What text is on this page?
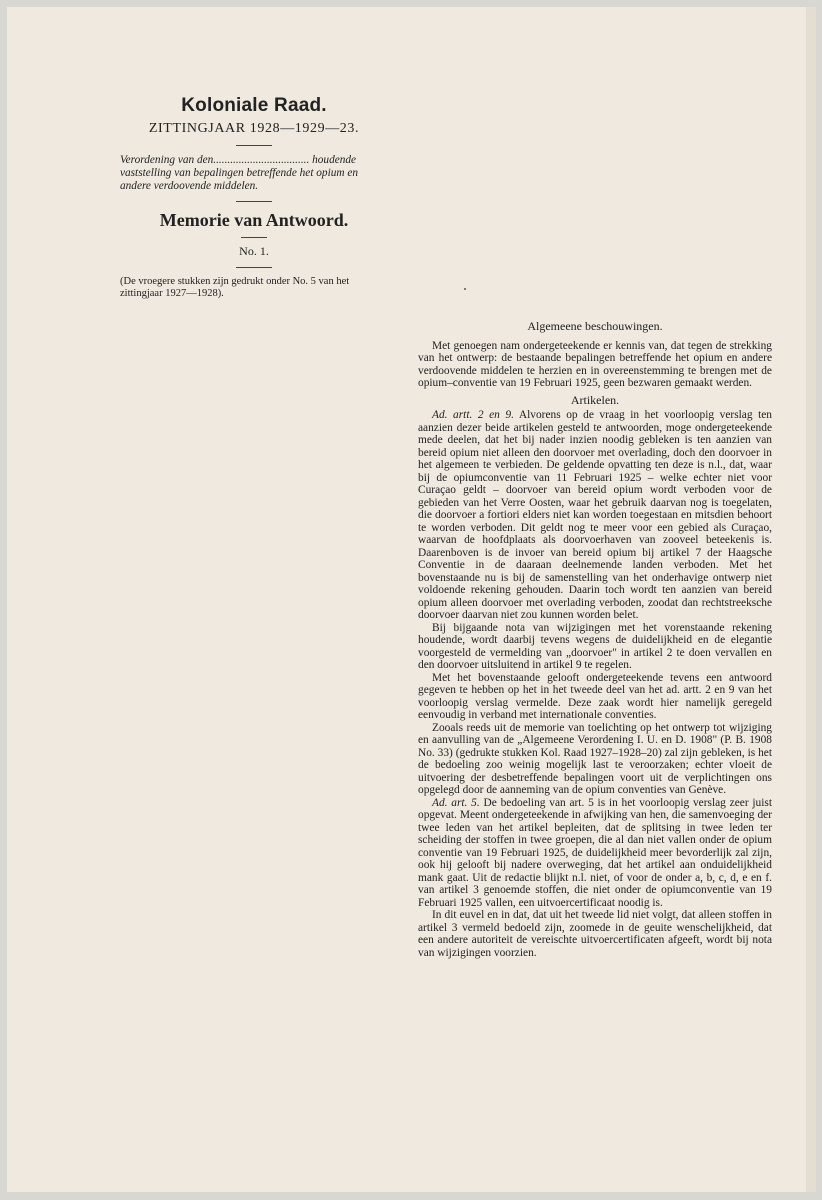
Koloniale Raad.

ZITTINGJAAR 1928—1929—23.

Verordening van den.................................. houdende vaststelling van bepalingen betreffende het opium en andere verdoovende middelen.

Memorie van Antwoord.

No. 1.

(De vroegere stukken zijn gedrukt onder No. 5 van het zittingjaar 1927—1928).

Algemeene beschouwingen.

Met genoegen nam ondergeteekende er kennis van, dat tegen de strekking van het ontwerp: de bestaande bepalingen betreffende het opium en andere verdoovende middelen te herzien en in overeenstemming te brengen met de opium–conventie van 19 Februari 1925, geen bezwaren gemaakt werden.

Artikelen.

Ad. artt. 2 en 9. Alvorens op de vraag in het voorloopig verslag ten aanzien dezer beide artikelen gesteld te antwoorden, moge ondergeteekende mede deelen, dat het bij nader inzien noodig gebleken is ten aanzien van bereid opium niet alleen den doorvoer met overlading, doch den doorvoer in het algemeen te verbieden. De geldende opvatting ten deze is n.l., dat, waar bij de opiumconventie van 11 Februari 1925 – welke echter niet voor Curaçao geldt – doorvoer van bereid opium wordt verboden voor de gebieden van het Verre Oosten, waar het gebruik daarvan nog is toegelaten, die doorvoer a fortiori elders niet kan worden toegestaan en mitsdien behoort te worden verboden. Dit geldt nog te meer voor een gebied als Curaçao, waarvan de hoofdplaats als doorvoerhaven van zooveel beteekenis is. Daarenboven is de invoer van bereid opium bij artikel 7 der Haagsche Conventie in de daaraan deelnemende landen verboden. Met het bovenstaande nu is bij de samenstelling van het onderhavige ontwerp niet voldoende rekening gehouden. Daarin toch wordt ten aanzien van bereid opium alleen doorvoer met overlading verboden, zoodat dan rechtstreeksche doorvoer daarvan niet zou kunnen worden belet.

Bij bijgaande nota van wijzigingen met het vorenstaande rekening houdende, wordt daarbij tevens wegens de duidelijkheid en de elegantie voorgesteld de vermelding van „doorvoer" in artikel 2 te doen vervallen en den doorvoer uitsluitend in artikel 9 te regelen.

Met het bovenstaande gelooft ondergeteekende tevens een antwoord gegeven te hebben op het in het tweede deel van het ad. artt. 2 en 9 van het voorloopig verslag vermelde. Deze zaak wordt hier namelijk geregeld eenvoudig in verband met internationale conventies.

Zooals reeds uit de memorie van toelichting op het ontwerp tot wijziging en aanvulling van de „Algemeene Verordening I. U. en D. 1908" (P. B. 1908 No. 33) (gedrukte stukken Kol. Raad 1927–1928–20) zal zijn gebleken, is het de bedoeling zoo weinig mogelijk last te veroorzaken; echter vloeit de uitvoering der desbetreffende bepalingen voort uit de verplichtingen ons opgelegd door de aanneming van de opium conventies van Genève.

Ad. art. 5. De bedoeling van art. 5 is in het voorloopig verslag zeer juist opgevat. Meent ondergeteekende in afwijking van hen, die samenvoeging der twee leden van het artikel bepleiten, dat de splitsing in twee leden ter scheiding der stoffen in twee groepen, die al dan niet vallen onder de opium conventie van 19 Februari 1925, de duidelijkheid meer bevorderlijk zal zijn, ook hij gelooft bij nadere overweging, dat het artikel aan onduidelijkheid mank gaat. Uit de redactie blijkt n.l. niet, of voor de onder a, b, c, d, e en f. van artikel 3 genoemde stoffen, die niet onder de opiumconventie van 19 Februari 1925 vallen, een uitvoercertificaat noodig is.

In dit euvel en in dat, dat uit het tweede lid niet volgt, dat alleen stoffen in artikel 3 vermeld bedoeld zijn, zoomede in de geuite wenschelijkheid, dat een andere autoriteit de vereischte uitvoercertificaten afgeeft, wordt bij nota van wijzigingen voorzien.
